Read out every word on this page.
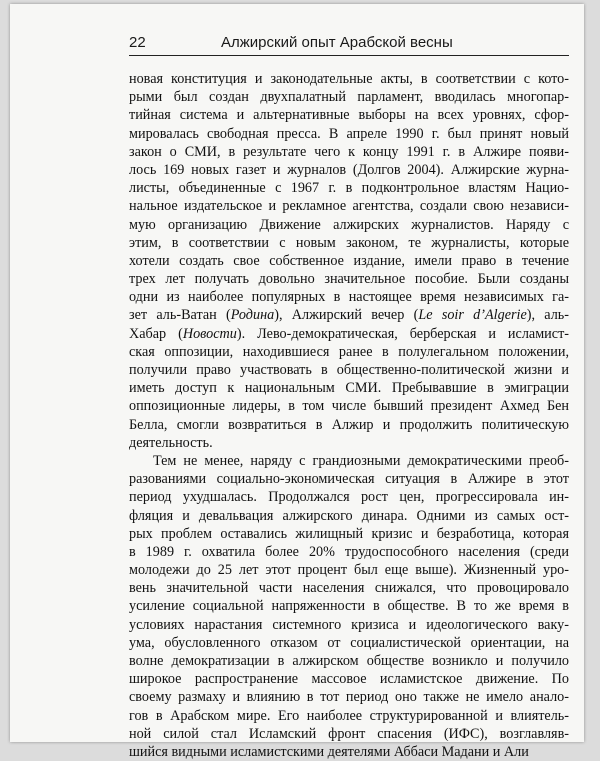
22	Алжирский опыт Арабской весны
новая конституция и законодательные акты, в соответствии с кото-
рыми был создан двухпалатный парламент, вводилась многопар-
тийная система и альтернативные выборы на всех уровнях, сфор-
мировалась свободная пресса. В апреле 1990 г. был принят новый
закон о СМИ, в результате чего к концу 1991 г. в Алжире появи-
лось 169 новых газет и журналов (Долгов 2004). Алжирские журна-
листы, объединенные с 1967 г. в подконтрольное властям Нацио-
нальное издательское и рекламное агентства, создали свою независи-
мую организацию Движение алжирских журналистов. Наряду с
этим, в соответствии с новым законом, те журналисты, которые
хотели создать свое собственное издание, имели право в течение
трех лет получать довольно значительное пособие. Были созданы
одни из наиболее популярных в настоящее время независимых га-
зет аль-Ватан (Родина), Алжирский вечер (Le soir d’Algerie), аль-
Хабар (Новости). Лево-демократическая, берберская и исламист-
ская оппозиции, находившиеся ранее в полулегальном положении,
получили право участвовать в общественно-политической жизни и
иметь доступ к национальным СМИ. Пребывавшие в эмиграции
оппозиционные лидеры, в том числе бывший президент Ахмед Бен
Белла, смогли возвратиться в Алжир и продолжить политическую
деятельность.
Тем не менее, наряду с грандиозными демократическими преоб-
разованиями социально-экономическая ситуация в Алжире в этот
период ухудшалась. Продолжался рост цен, прогрессировала ин-
фляция и девальвация алжирского динара. Одними из самых ост-
рых проблем оставались жилищный кризис и безработица, которая
в 1989 г. охватила более 20% трудоспособного населения (среди
молодежи до 25 лет этот процент был еще выше). Жизненный уро-
вень значительной части населения снижался, что провоцировало
усиление социальной напряженности в обществе. В то же время в
условиях нарастания системного кризиса и идеологического ваку-
ума, обусловленного отказом от социалистической ориентации, на
волне демократизации в алжирском обществе возникло и получило
широкое распространение массовое исламистское движение. По
своему размаху и влиянию в тот период оно также не имело анало-
гов в Арабском мире. Его наиболее структурированной и влиятель-
ной силой стал Исламский фронт спасения (ИФС), возглавляв-
шийся видными исламистскими деятелями Аббаси Мадани и Али
